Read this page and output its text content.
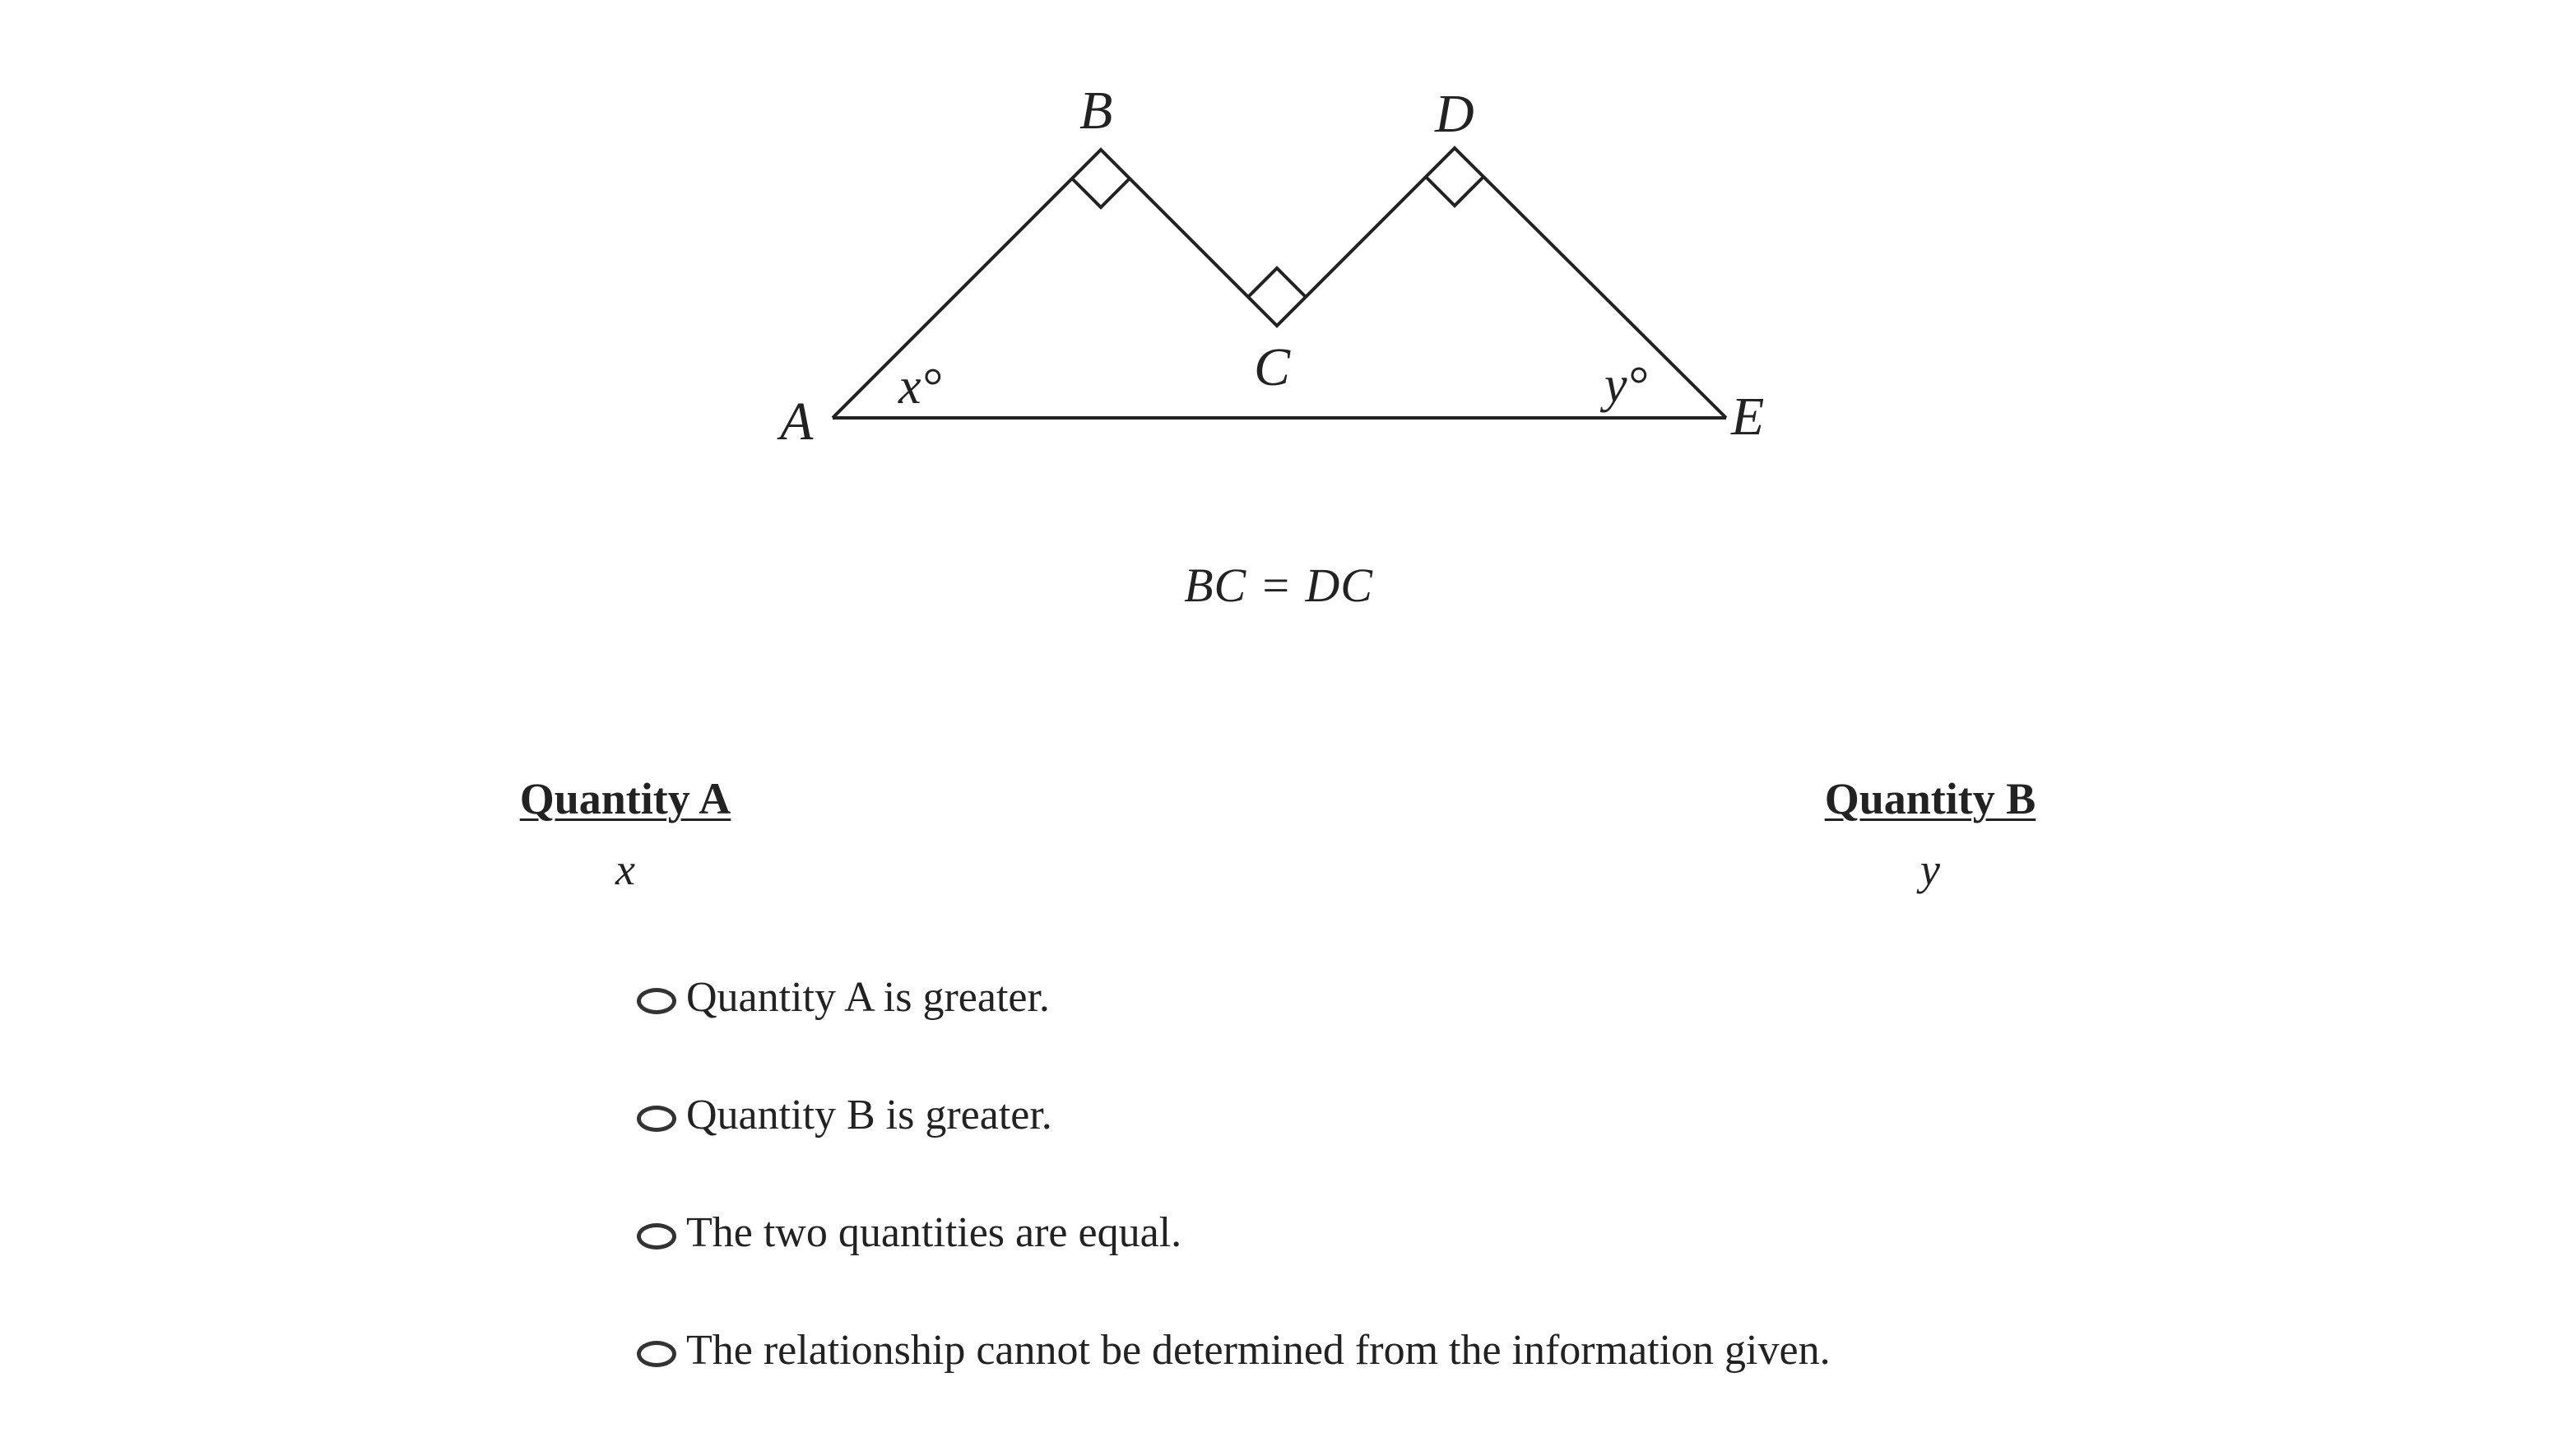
A
B
C
D
E
x°	y°
BC = DC
Quantity A
x
Quantity B
y
Quantity A is greater.
Quantity B is greater.
The two quantities are equal.
The relationship cannot be determined from the information given.
